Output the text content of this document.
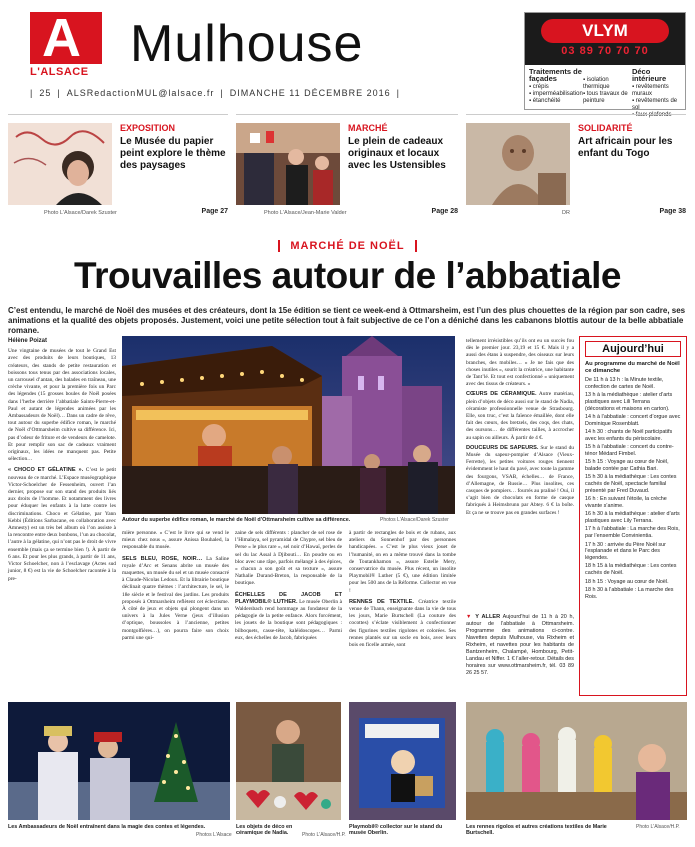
A
L'ALSACE Mulhouse	VLYM
03 89 70 70 70
Traitements de façades
▪ crépis
▪ imperméabilisation
▪ étanchéité
▪ isolation thermique
▪ tous travaux de peinture
Déco intérieure
▪ revêtements muraux
▪ revêtements de sol
▪ faux plafonds
| 25 | ALSRedactionMUL@lalsace.fr | DIMANCHE 11 DÉCEMBRE 2016 |
EXPOSITION
Le Musée du papier peint explore le thème des paysages
Photo L'Alsace/Darek Szuster	Page 27
MARCHÉ
Le plein de cadeaux originaux et locaux avec les Ustensibles
Photo L'Alsace/Jean-Marie Valder	Page 28
SOLIDARITÉ
Art africain pour les enfant du Togo
DR	Page 38
MARCHÉ DE NOËL
Trouvailles autour de l’abbatiale
C’est entendu, le marché de Noël des musées et des créateurs, dont la 15e édition se tient ce week-end à Ottmarsheim, est l’un des plus chouettes de la région par son cadre, ses animations et la qualité des objets proposés. Justement, voici une petite sélection tout à fait subjective de ce l’on a déniché dans les cabanons blottis autour de la belle abbatiale romane.
Hélène Poizat

Une vingtaine de musées de tout le Grand Est avec des produits de leurs boutiques, 13 créateurs, des stands de petite restauration et boissons tous tenus par des associations locales, un carrousel d’antan, des balades en traîneau, une crèche vivante, et pour la première fois un Parc des légendes (15 grosses boules de Noël posées dans l’herbe derrière l’abbatiale Saints-Pierre-et-Paul et autant de légendes animées par les Ambassadeurs de Noël)… Dans un cadre de rêve, tout autour du superbe édifice roman, le marché de Noël d’Ottmarsheim cultive sa différence. Ici, pas d’odeur de friture et de vendeurs de camelote. Et pour remplir son sac de cadeaux vraiment originaux, les idées ne manquent pas. Petite sélection…

« CHOCO ET GÉLATINE ». C’est le petit nouveau de ce marché. L’Espace muséographique Victor-Schoelcher de Fessenheim, ouvert l’an dernier, propose sur son stand des produits liés aux droits de l’homme. Et notamment des livres pour éduquer les enfants à la lutte contre les discriminations. Choco et Gélatine, par Yann Kebbi (Éditions Sarbacane, en collaboration avec Amnesty) est un très bel album où l’on assiste à la rencontre entre deux bonbons, l’un au chocolat, l’autre à la gélatine, qui n’ont pas le droit de vivre ensemble (mais ça se termine bien !). À partir de 6 ans. Et pour les plus grands, à partir de 11 ans, Victor Schoelcher, non à l’esclavage (Actes sud junior, 8 €) est la vie de Schoelcher racontée à la pre-

Autour du superbe édifice roman, le marché de Noël d’Ottmarsheim cultive sa différence.	Photos L'Alsace/Darek Szuster

mière personne. « C’est le livre qui se vend le mieux chez nous », assure Anissa Bouhaled, la responsable du musée.

SELS BLEU, ROSE, NOIR… La Saline royale d’Arc et Senans abrite un musée des maquettes, un musée du sel et un musée consacré à Claude-Nicolas Ledoux. Et la librairie boutique déclinait quatre thèmes : l’architecture, le sel, le 18e siècle et le festival des jardins. Les produits proposés à Ottmarsheim reflètent cet éclectisme. À côté de jeux et objets qui plongent dans un univers à la Jules Verne (jeux d’illusion d’optique, boussoles à l’ancienne, petites montgolfières…), on pourra faire son choix parmi une qui-

zaine de sels différents : plancher de sel rose de l’Himalaya, sel pyramidal de Chypre, sel bleu de Perse « le plus rare », sel noir d’Hawaï, perles de sel du lac Assal à Djibouti… En poudre ou en bloc avec une râpe, parfois mélangé à des épices, « chacun a son goût et sa texture », assure Nathalie Durand-Breton, la responsable de la boutique.

ÉCHELLES DE JACOB ET PLAYMOBIL® LUTHER. Le musée Oberlin à Waldersbach rend hommage au fondateur de la pédagogie de la petite enfance. Alors forcément, les jouets de la boutique sont pédagogiques : bilboquets, casse-tête, kaléidoscopes… Parmi eux, des échelles de Jacob, fabriquées

à partir de rectangles de bois et de rubans, aux ateliers du Sonnenhof par des personnes handicapées. « C’est le plus vieux jouet de l’humanité, on en a même trouvé dans la tombe de Toutankhamon », assure Estelle Mery, conservatrice du musée. Plus récent, un insolite Playmobil® Luther (5 €), une édition limitée pour les 500 ans de la Réforme. Collector en vue !

RENNES DE TEXTILE. Créatrice textile venue de Thann, enseignante dans la vie de tous les jours, Marie Burtschell (La couture des cocottes) s’éclate visiblement à confectionner des figurines textiles rigolotes et colorées. Ses rennes plantés sur un socle en bois, avec leurs bois en ficelle armée, sont

tellement irrésistibles qu’ils ont eu un succès fou dès le premier jour. 23,19 et 15 €. Mais il y a aussi des étans à suspendre, des oiseaux sur leurs branches, des mobiles… « Je ne fais que des choses inutiles », sourit la créatrice, une habitante de Tant’lé. Et tout est confectionné « uniquement avec des tissus de créateurs. »

CŒURS DE CÉRAMIQUE. Autre matériau, plein d’objets de déco aussi sur le stand de Nadia, céramiste professionnelle venue de Strasbourg. Elle, son truc, c’est la faïence émaillée, dont elle fait des cœurs, des bretzels, des coqs, des chats, des oursons… de différentes tailles, à accrocher au sapin ou ailleurs. À partir de 4 €.

DOUCEURS DE SAPEURS. Sur le stand du Musée du sapeur-pompier d’Alsace (Vieux-Ferrette), les petites voitures rouges tiennent évidemment le haut du pavé, avec toute la gamme des fourgons, VSAB, échelles… de France, d’Allemagne, de Russie… Plus insolites, ces casques de pompiers… fourrés au praliné ! Oui, il s’agit bien de chocolats en forme de casque fabriqués à Heimsbrunn par Abtey. 6 € la boîte. Et ça ne se trouve pas en grandes surfaces !

▼ Y ALLER Aujourd’hui de 11 h à 20 h, autour de l’abbatiale à Ottmarsheim. Programme des animations ci-contre. Navettes depuis Mulhouse, via Rixheim et Rixheim, et navettes pour les habitants de Bantzenheim, Chalampé, Hombourg, Petit-Landau et Niffer. 1 € l’aller-retour. Détails des horaires sur www.ottmarsheim.fr, tél. 03 89 26 25 57.
Aujourd’hui
Au programme du marché de Noël ce dimanche
De 11 h à 13 h : la Minute textile, confection de cartes de Noël.
13 h à la médiathèque : atelier d’arts plastiques avec Lili Terrana (décorations et maisons en carton).
14 h à l’abbatiale : concert d’orgue avec Dominique Rosenblatt.
14 h 30 : chants de Noël participatifs avec les enfants du périscolaire.
15 h à l’abbatiale : concert du contre-ténor Médard Fimbel.
15 h 15 : Voyage au cœur de Noël, balade contée par Cathia Bari.
15 h 30 à la médiathèque : Les contes cachés de Noël, spectacle familial présenté par Fred Duvaud.
16 h : En suivant l’étoile, la crèche vivante s’anime.
16 h 30 à la médiathèque : atelier d’arts plastiques avec Lily Terrana.
17 h à l’abbatiale : La marche des Rois, par l’ensemble Convinientia.
17 h 30 : arrivée du Père Noël sur l’esplanade et dans le Parc des légendes.
18 h 15 à la médiathèque : Les contes cachés de Noël.
18 h 15 : Voyage au cœur de Noël.
18 h 30 à l’abbatiale : La marche des Rois.
Les Ambassadeurs de Noël entraînent dans la magie des contes et légendes.
Photos L'Alsace
Les objets de déco en céramique de Nadia.	Photo L'Alsace/H.P.
Playmobil® collector sur le stand du musée Oberlin.
Les rennes rigolos et autres créations textiles de Marie Burtschell.
Photo L'Alsace/H.P.
